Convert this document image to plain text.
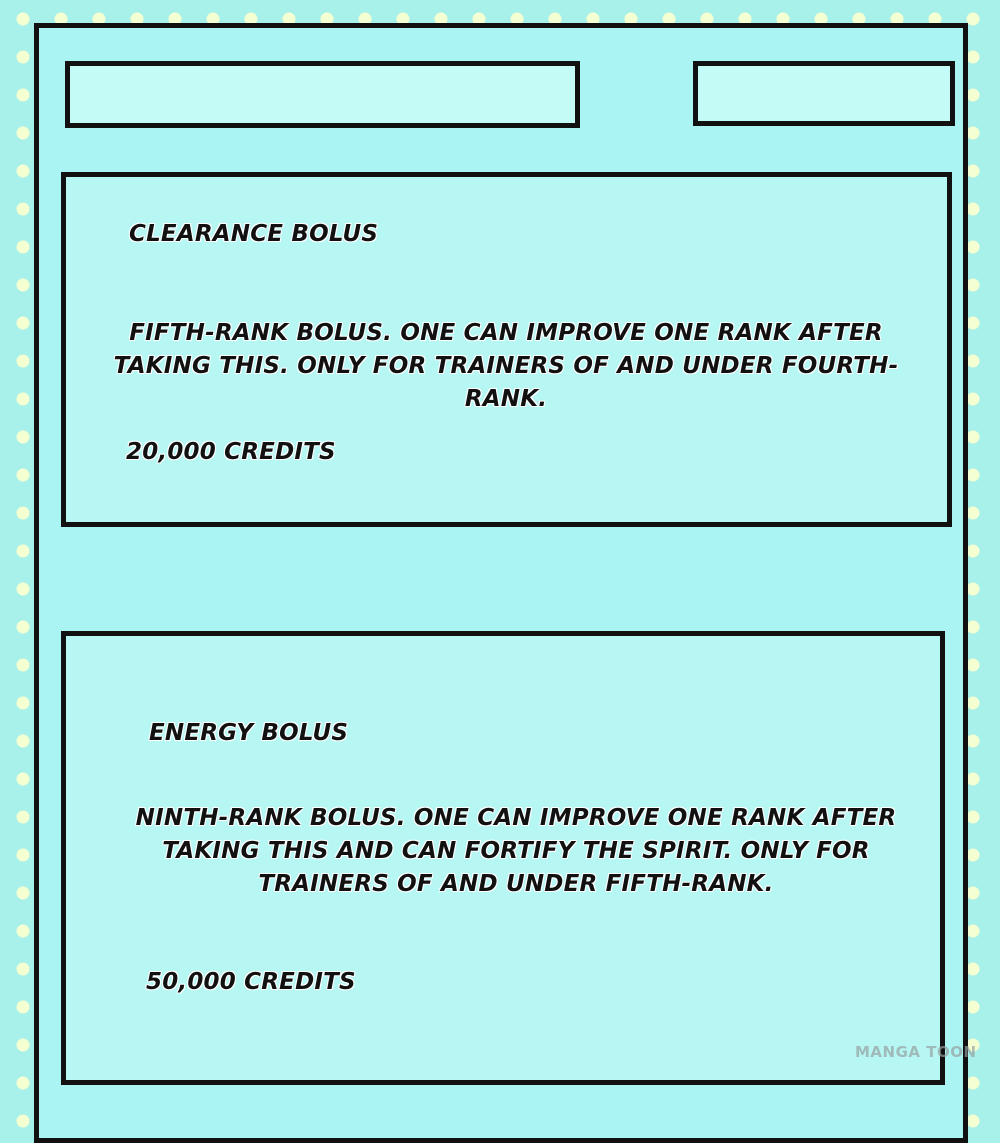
CLEARANCE BOLUS

FIFTH-RANK BOLUS. ONE CAN IMPROVE ONE RANK AFTER TAKING THIS. ONLY FOR TRAINERS OF AND UNDER FOURTH-RANK.

20,000 CREDITS

ENERGY BOLUS

NINTH-RANK BOLUS. ONE CAN IMPROVE ONE RANK AFTER TAKING THIS AND CAN FORTIFY THE SPIRIT. ONLY FOR TRAINERS OF AND UNDER FIFTH-RANK.

50,000 CREDITS

MANGA TOON
